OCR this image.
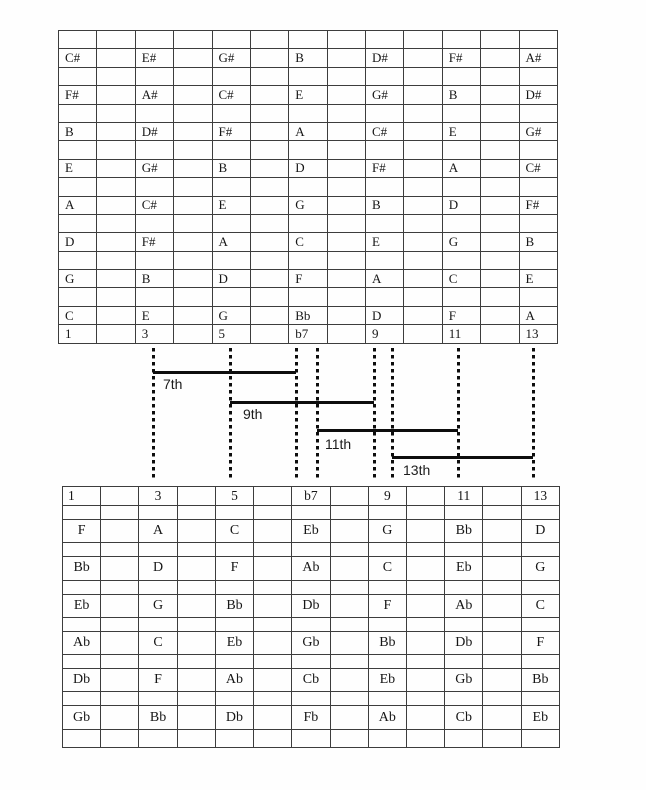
C#		E#		G#		B		D#		F#		A#

F#		A#		C#		E		G#		B		D#

B		D#		F#		A		C#		E		G#

E		G#		B		D		F#		A		C#

A		C#		E		G		B		D		F#

D		F#		A		C		E		G		B

G		B		D		F		A		C		E

C		E		G		Bb		D		F		A
1		3		5		b7		9		11		13
7th
9th
11th
13th
1		3		5		b7		9		11		13

F		A		C		Eb		G		Bb		D

Bb		D		F		Ab		C		Eb		G

Eb		G		Bb		Db		F		Ab		C

Ab		C		Eb		Gb		Bb		Db		F

Db		F		Ab		Cb		Eb		Gb		Bb

Gb		Bb		Db		Fb		Ab		Cb		Eb
